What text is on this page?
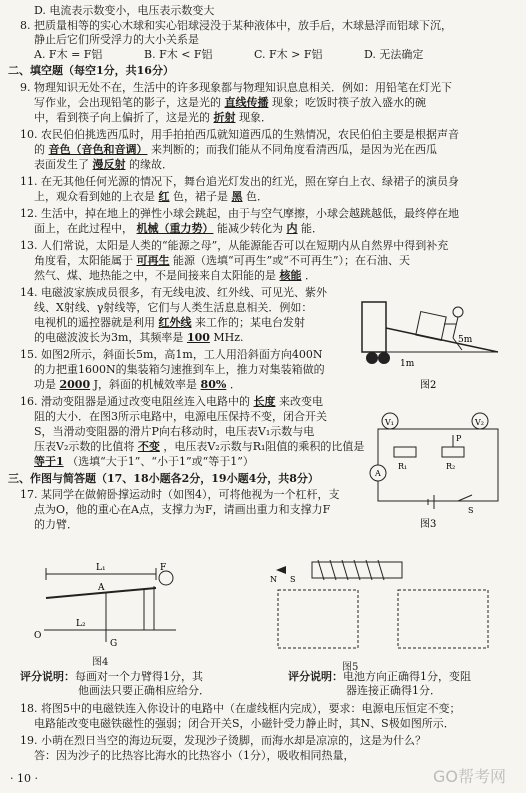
D. 电流表示数变小，电压表示数变大
8. 把质量相等的实心木球和实心铝球浸没于某种液体中，放手后，木球悬浮而铝球下沉，
静止后它们所受浮力的大小关系是
A. F木 = F铝	B. F木 < F铝	C. F木 > F铝	D. 无法确定
二、填空题（每空1分，共16分）
9. 物理知识无处不在，生活中的许多现象都与物理知识息息相关．例如：用铅笔在灯光下
写作业，会出现铅笔的影子，这是光的 直线传播 现象；吃饭时筷子放入盛水的碗
中，看到筷子向上偏折了，这是光的 折射 现象．
10. 农民伯伯挑选西瓜时，用手拍拍西瓜就知道西瓜的生熟情况，农民伯伯主要是根据声音
的 音色（音色和音调） 来判断的；而我们能从不同角度看清西瓜，是因为光在西瓜
表面发生了 漫反射 的缘故．
11. 在无其他任何光源的情况下，舞台追光灯发出的红光，照在穿白上衣、绿裙子的演员身
上，观众看到她的上衣是 红 色，裙子是 黑 色．
12. 生活中，掉在地上的弹性小球会跳起，由于与空气摩擦，小球会越跳越低，最终停在地
面上，在此过程中， 机械（重力势） 能减少转化为 内 能．
13. 人们常说，太阳是人类的“能源之母”，从能源能否可以在短期内从自然界中得到补充
角度看，太阳能属于 可再生 能源（选填“可再生”或“不可再生”）；在石油、天
然气、煤、地热能之中，不是间接来自太阳能的是 核能 ．
14. 电磁波家族成员很多，有无线电波、红外线、可见光、紫外
线、X射线、γ射线等，它们与人类生活息息相关．例如：
电视机的遥控器就是利用 红外线 来工作的；某电台发射
的电磁波波长为3m，其频率是 100 MHz.
15. 如图2所示，斜面长5m，高1m，工人用沿斜面方向400N
的力把重1600N的集装箱匀速推到车上，推力对集装箱做的
功是 2000 J，斜面的机械效率是 80% ．
1m
5m
图2
16. 滑动变阻器是通过改变电阻丝连入电路中的 长度 来改变电
阻的大小．在图3所示电路中，电源电压保持不变，闭合开关
S，当滑动变阻器的滑片P向右移动时，电压表V₁示数与电
压表V₂示数的比值将 不变 ，电压表V₂示数与R₁阻值的乘积的比值是
等于1 （选填“大于1”、“小于1”或“等于1”）
V₁	V₂
R₁	R₂
P
A
S
图3
三、作图与简答题（17、18小题各2分，19小题4分，共8分）
17. 某同学在做俯卧撑运动时（如图4），可将他视为一个杠杆，支
点为O，他的重心在A点，支撑力为F，请画出重力和支撑力F
的力臂．
L₁
L₂
F
A
O
G
图4
N S
图5
评分说明：每画对一个力臂得1分，其
他画法只要正确相应给分．
评分说明：电池方向正确得1分，变阻
器连接正确得1分．
18. 将图5中的电磁铁连入你设计的电路中（在虚线框内完成），要求：电源电压恒定不变；
电路能改变电磁铁磁性的强弱；闭合开关S，小磁针受力静止时，其N、S极如图所示．
19. 小萌在烈日当空的海边玩耍，发现沙子烫脚，而海水却是凉凉的，这是为什么？
答：因为沙子的比热容比海水的比热容小（1分），吸收相同热量，
· 10 ·	GO帮考网
